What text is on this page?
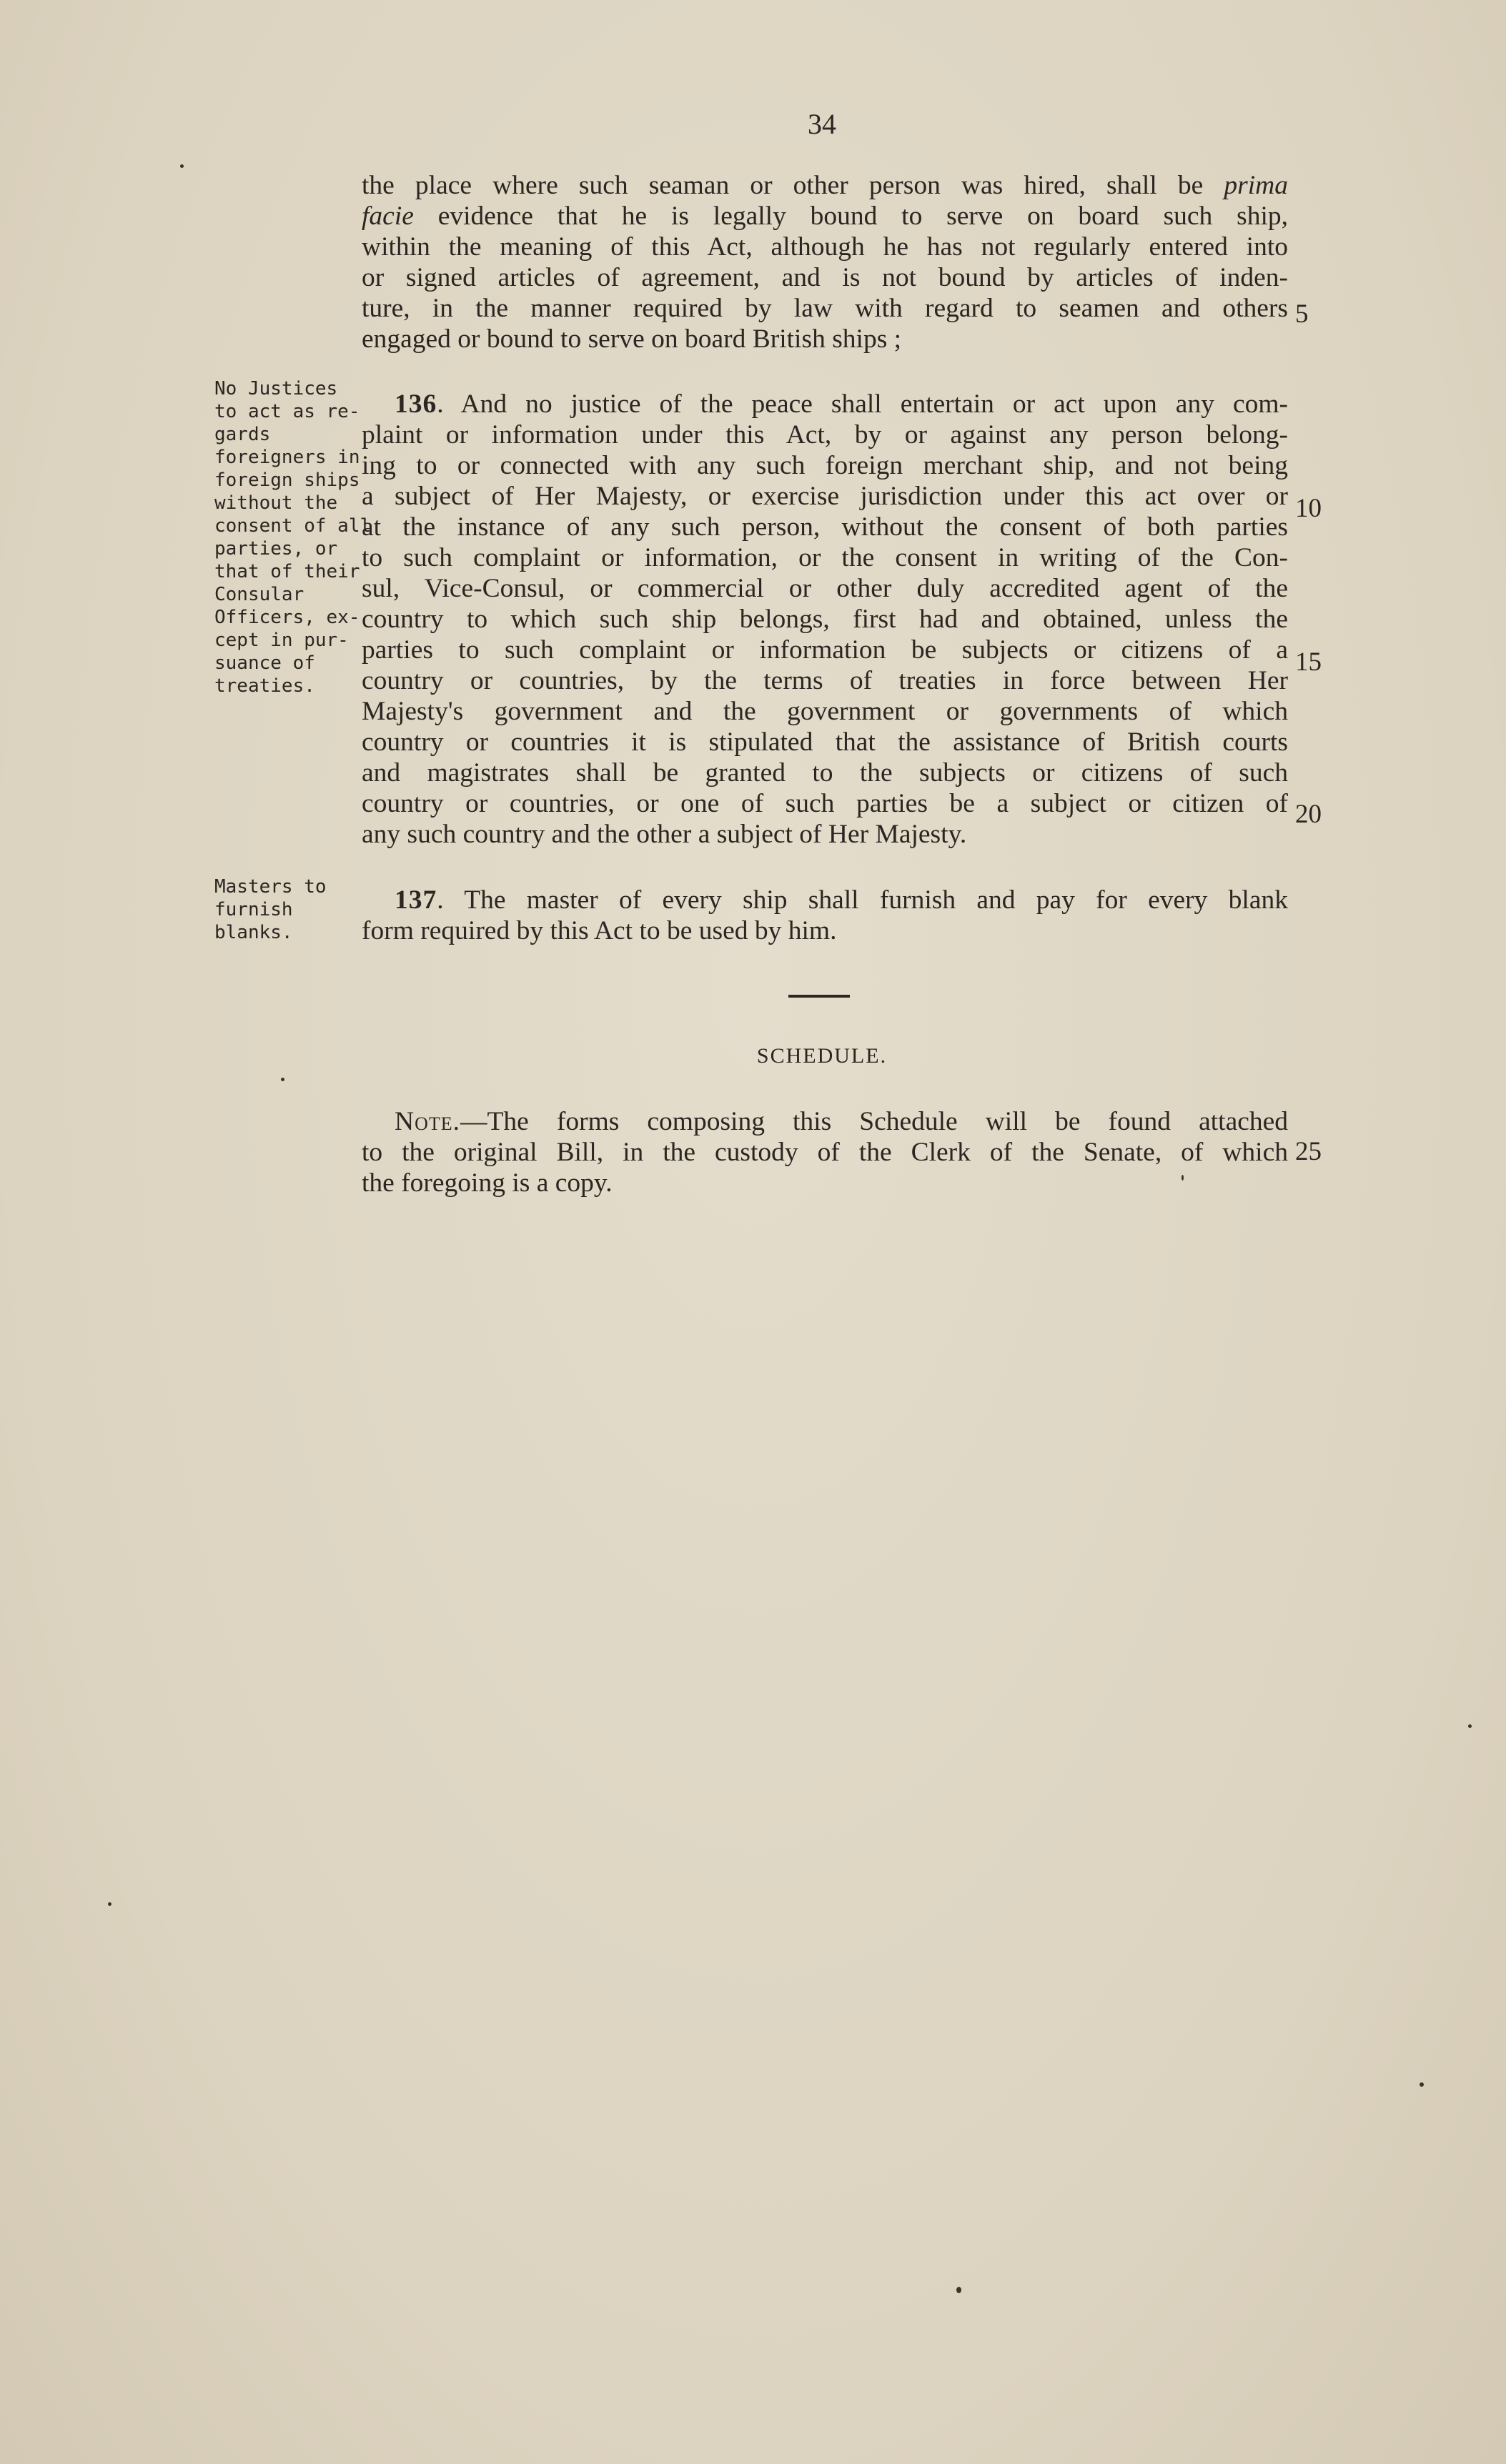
34
the place where such seaman or other person was hired, shall be prima
facie evidence that he is legally bound to serve on board such ship,
within the meaning of this Act, although he has not regularly entered into
or signed articles of agreement, and is not bound by articles of inden-
ture, in the manner required by law with regard to seamen and others
engaged or bound to serve on board British ships ;
No Justices
to act as re-
gards
foreigners in
foreign ships
without the
consent of all
parties, or
that of their
Consular
Officers, ex-
cept in pur-
suance of
treaties.
136. And no justice of the peace shall entertain or act upon any com-
plaint or information under this Act, by or against any person belong-
ing to or connected with any such foreign merchant ship, and not being
a subject of Her Majesty, or exercise jurisdiction under this act over or
at the instance of any such person, without the consent of both parties
to such complaint or information, or the consent in writing of the Con-
sul, Vice-Consul, or commercial or other duly accredited agent of the
country to which such ship belongs, first had and obtained, unless the
parties to such complaint or information be subjects or citizens of a
country or countries, by the terms of treaties in force between Her
Majesty's government and the government or governments of which
country or countries it is stipulated that the assistance of British courts
and magistrates shall be granted to the subjects or citizens of such
country or countries, or one of such parties be a subject or citizen of
any such country and the other a subject of Her Majesty.
Masters to
furnish
blanks.
137. The master of every ship shall furnish and pay for every blank
form required by this Act to be used by him.
SCHEDULE.
Note.—The forms composing this Schedule will be found attached
to the original Bill, in the custody of the Clerk of the Senate, of which
the foregoing is a copy.
5
10
15
20
25
